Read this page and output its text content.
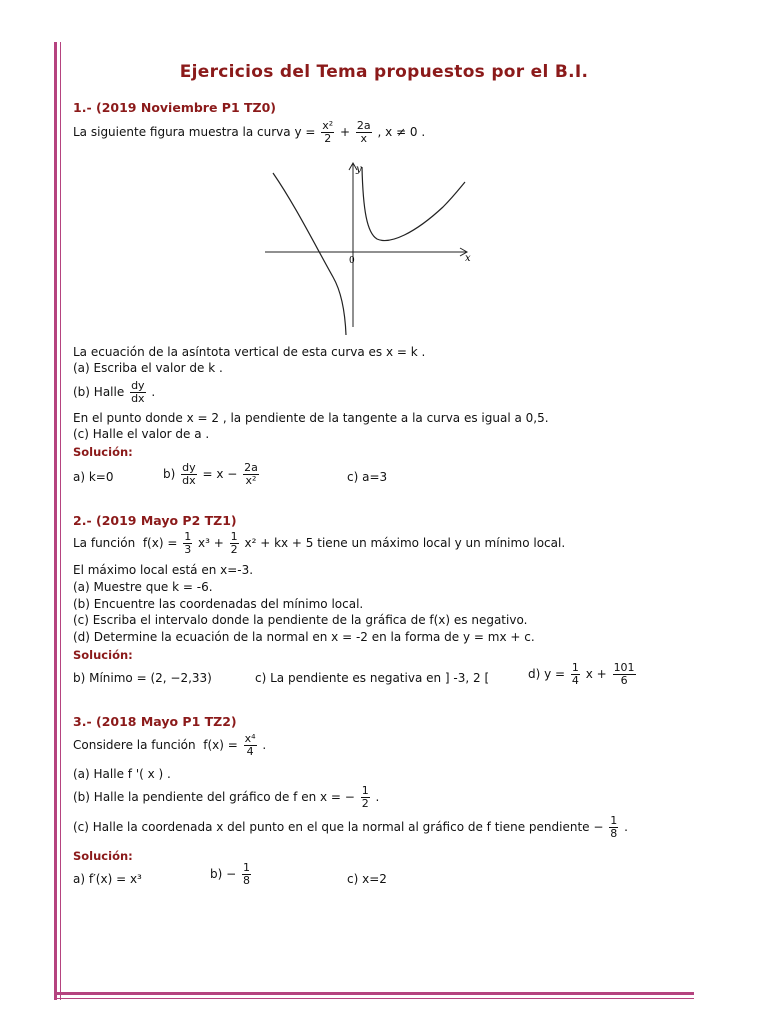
Ejercicios del Tema propuestos por el B.I.
1.- (2019 Noviembre P1 TZ0)
La siguiente figura muestra la curva $y = \frac{\text{x²}}{2} + \frac{2a}{x}$ , x ≠ 0 .
y
x
0
La ecuación de la asíntota vertical de esta curva es x = k .
(a) Escriba el valor de k .
(b) Halle $\frac{dy}{dx}$ .
En el punto donde x = 2 , la pendiente de la tangente a la curva es igual a 0,5.
(c) Halle el valor de a .
Solución:
a) k=0	$b) \frac{dy}{dx} = x - \frac{2a}{\text{x²}}$	c) a=3
2.- (2019 Mayo P2 TZ1)
La función $f(x) = \frac{1}{3} x^3 + \frac{1}{2} x^2$ + kx + 5 tiene un máximo local y un mínimo local.
El máximo local está en x=-3.
(a) Muestre que k = -6.
(b) Encuentre las coordenadas del mínimo local.
(c) Escriba el intervalo donde la pendiente de la gráfica de f(x) es negativo.
(d) Determine la ecuación de la normal en x = -2 en la forma de y = mx + c.
Solución:
b) Mínimo = (2, −2,33)	c) La pendiente es negativa en ] -3, 2 [	d) $y = \frac{1}{4}$ $x + \frac{101}{6}$
3.- (2018 Mayo P1 TZ2)
Considere la función $f(x) = \frac{\text{x⁴}}{4}$ .
(a) Halle f '( x ) .
(b) Halle la pendiente del gráfico de f en x = − $\frac{1}{2}$ .
(c) Halle la coordenada x del punto en el que la normal al gráfico de f tiene pendiente − $\frac{1}{8}$ .
Solución:
a) f′(x) = x³	$b) - \frac{1}{8}$	c) x=2
